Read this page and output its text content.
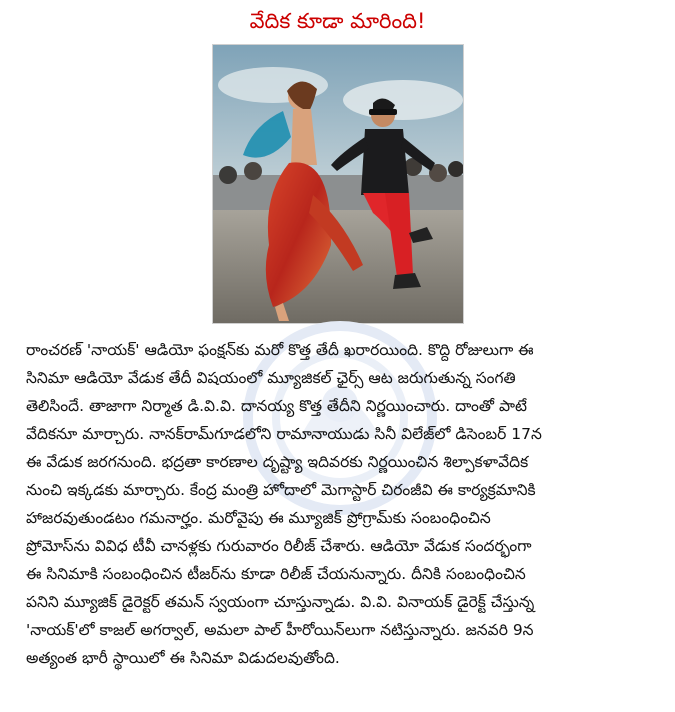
వేదిక కూడా మారింది!
రాంచరణ్ 'నాయక్' ఆడియో ఫంక్షన్‌కు మరో కొత్త తేదీ ఖరారయింది. కొద్ది రోజులుగా ఈ
సినిమా ఆడియో వేడుక తేదీ విషయంలో మ్యూజికల్ ఛైర్స్ ఆట జరుగుతున్న సంగతి
తెలిసిందే. తాజాగా నిర్మాత డి.వి.వి. దానయ్య కొత్త తేదీని నిర్ణయించారు. దాంతో పాటే
వేదికనూ మార్చారు. నానక్‌రామ్‌గూడలోని రామానాయుడు సినీ విలేజ్‌లో డిసెంబర్ 17న
ఈ వేడుక జరగనుంది. భద్రతా కారణాల దృష్ట్యా ఇదివరకు నిర్ణయించిన శిల్పాకళావేదిక
నుంచి ఇక్కడకు మార్చారు. కేంద్ర మంత్రి హోదాలో మెగాస్టార్ చిరంజీవి ఈ కార్యక్రమానికి
హాజరవుతుండటం గమనార్హం. మరోవైపు ఈ మ్యూజిక్ ప్రోగ్రామ్‌కు సంబంధించిన
ప్రోమోస్‌ను వివిధ టీవీ చానళ్లకు గురువారం రిలీజ్ చేశారు. ఆడియో వేడుక సందర్భంగా
ఈ సినిమాకి సంబంధించిన టీజర్‌ను కూడా రిలీజ్ చేయనున్నారు. దీనికి సంబంధించిన
పనిని మ్యూజిక్ డైరెక్టర్ తమన్ స్వయంగా చూస్తున్నాడు. వి.వి. వినాయక్ డైరెక్ట్ చేస్తున్న
'నాయక్'లో కాజల్ అగర్వాల్, అమలా పాల్ హీరోయిన్‌లుగా నటిస్తున్నారు. జనవరి 9న
అత్యంత భారీ స్థాయిలో ఈ సినిమా విడుదలవుతోంది.
